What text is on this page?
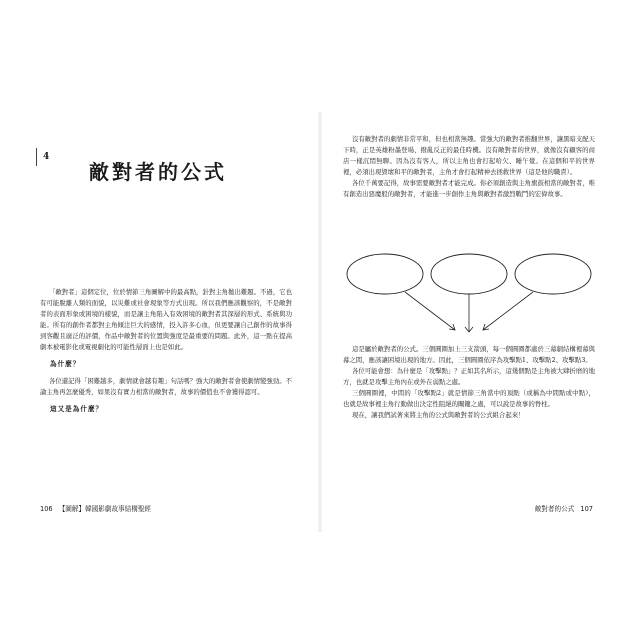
4
敵對者的公式

「敵對者」這個定位，位於情節三角圖解中的最高點，針對主角拋出難題。不過，它也有可能脫離人類的面貌，以災難或社會現象等方式出現。所以我們應該觀察的，不是敵對者的表面形象或困境的樣貌，而是讓主角陷入有效困境的敵對者其深層的形式、系統與功能。所有的創作者都對主角傾注巨大的感情，投入許多心血，但更要讓自己創作的故事得到客觀且廣泛的評價，作品中敵對者的位置與強度是最重要的問題。此外，這一點在提高劇本被電影化或電視劇化的可能性層面上也是如此。

為什麼？

各位還記得「困難越多，劇情就會越有趣」句話嗎？強大的敵對者會使劇情變強勁。不論主角再怎麼優秀，如果沒有實力相當的敵對者，故事的價值也不會獲得認可。

這又是為什麼？

106 【圖解】韓國影劇故事結構聖經

沒有敵對者的劇情非常平和，但也相當無趣。當強大的敵對者推翻世界，讓黑暗支配天下時，正是英雄粉墨登場、撥亂反正的最佳時機。沒有敵對者的世界，就像沒有顧客的商店一樣沉悶無聊。因為沒有客人，所以主角也會打起哈欠、睡午覺。在這個和平的世界裡，必須出現毀壞和平的敵對者，主角才會打起精神去拯救世界（這是他的職責）。

各位千萬要記得，故事需要敵對者才能完成。你必須創造與主角旗鼓相當的敵對者，唯有創造出惡魔般的敵對者，才能進一步創作主角與敵對者激烈戰鬥的宏偉故事。

這是屬於敵對者的公式。三個圓圈加上三支箭頭，每一個圓圈都處於三幕劇結構裡幕與幕之間，應該讓困境出現的地方。因此，三個圓圈依序為攻擊點1、攻擊點2、攻擊點3。

各位可能會想：為什麼是「攻擊點」？正如其名所示，這幾個點是主角被大肆折磨的地方，也就是攻擊主角內在或外在弱點之處。

三個圓圈裡，中間的「攻擊點2」就是情節三角當中的頂點（或稱為中間點或中點），也就是故事裡主角行動做出決定性阻絕的關鍵之處，可以說是故事的脊柱。

現在，讓我們試著來將主角的公式與敵對者的公式組合起來！

敵對者的公式 107
